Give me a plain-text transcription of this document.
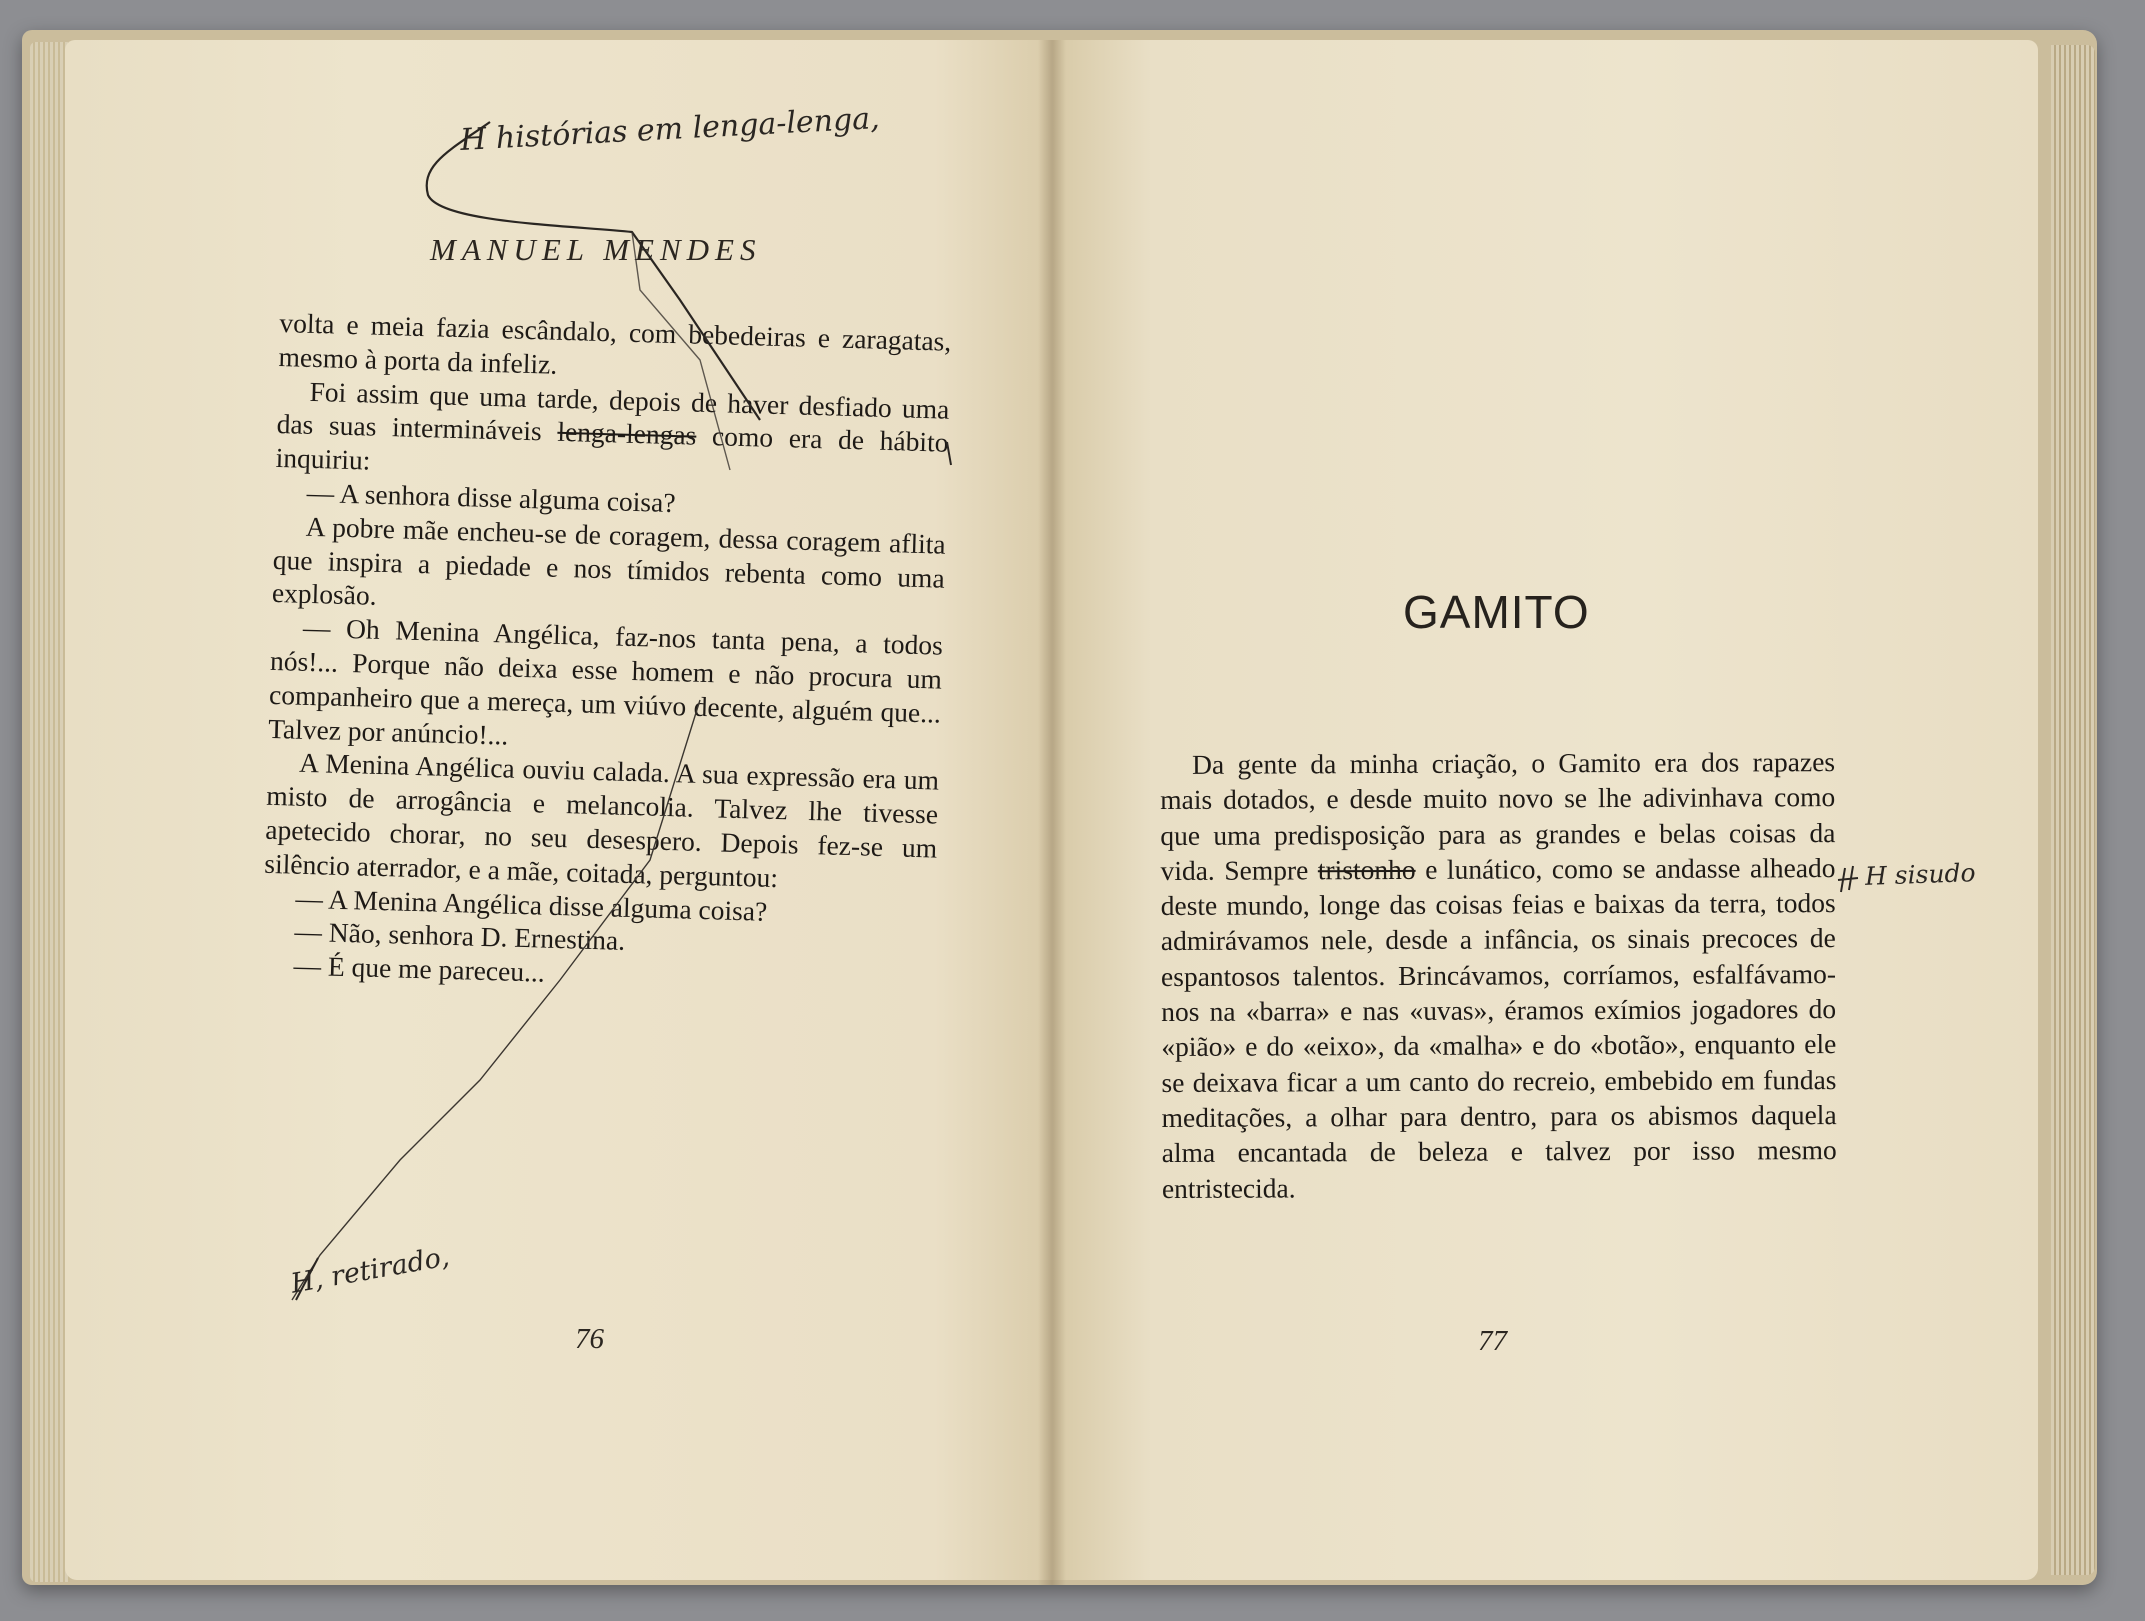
MANUEL MENDES

volta e meia fazia escândalo, com bebedeiras e zaragatas, mesmo à porta da infeliz.

Foi assim que uma tarde, depois de haver desfiado uma das suas intermináveis lenga-lengas como era de hábito inquiriu:

— A senhora disse alguma coisa?

A pobre mãe encheu-se de coragem, dessa coragem aflita que inspira a piedade e nos tímidos rebenta como uma explosão.

— Oh Menina Angélica, faz-nos tanta pena, a todos nós!... Porque não deixa esse homem e não procura um companheiro que a mereça, um viúvo decente, alguém que... Talvez por anúncio!...

A Menina Angélica ouviu calada. A sua expressão era um misto de arrogância e melancolia. Talvez lhe tivesse apetecido chorar, no seu desespero. Depois fez-se um silêncio aterrador, e a mãe, coitada, perguntou:

— A Menina Angélica disse alguma coisa?

— Não, senhora D. Ernestina.

— É que me pareceu...

76
H histórias em lenga-lenga,
H, retirado,
GAMITO

Da gente da minha criação, o Gamito era dos rapazes mais dotados, e desde muito novo se lhe adivinhava como que uma predisposição para as grandes e belas coisas da vida. Sempre tristonho e lunático, como se andasse alheado deste mundo, longe das coisas feias e baixas da terra, todos admirávamos nele, desde a infância, os sinais precoces de espantosos talentos. Brincávamos, corríamos, esfalfávamo-nos na «barra» e nas «uvas», éramos exímios jogadores do «pião» e do «eixo», da «malha» e do «botão», enquanto ele se deixava ficar a um canto do recreio, embebido em fundas meditações, a olhar para dentro, para os abismos daquela alma encantada de beleza e talvez por isso mesmo entristecida.

H sisudo
77
